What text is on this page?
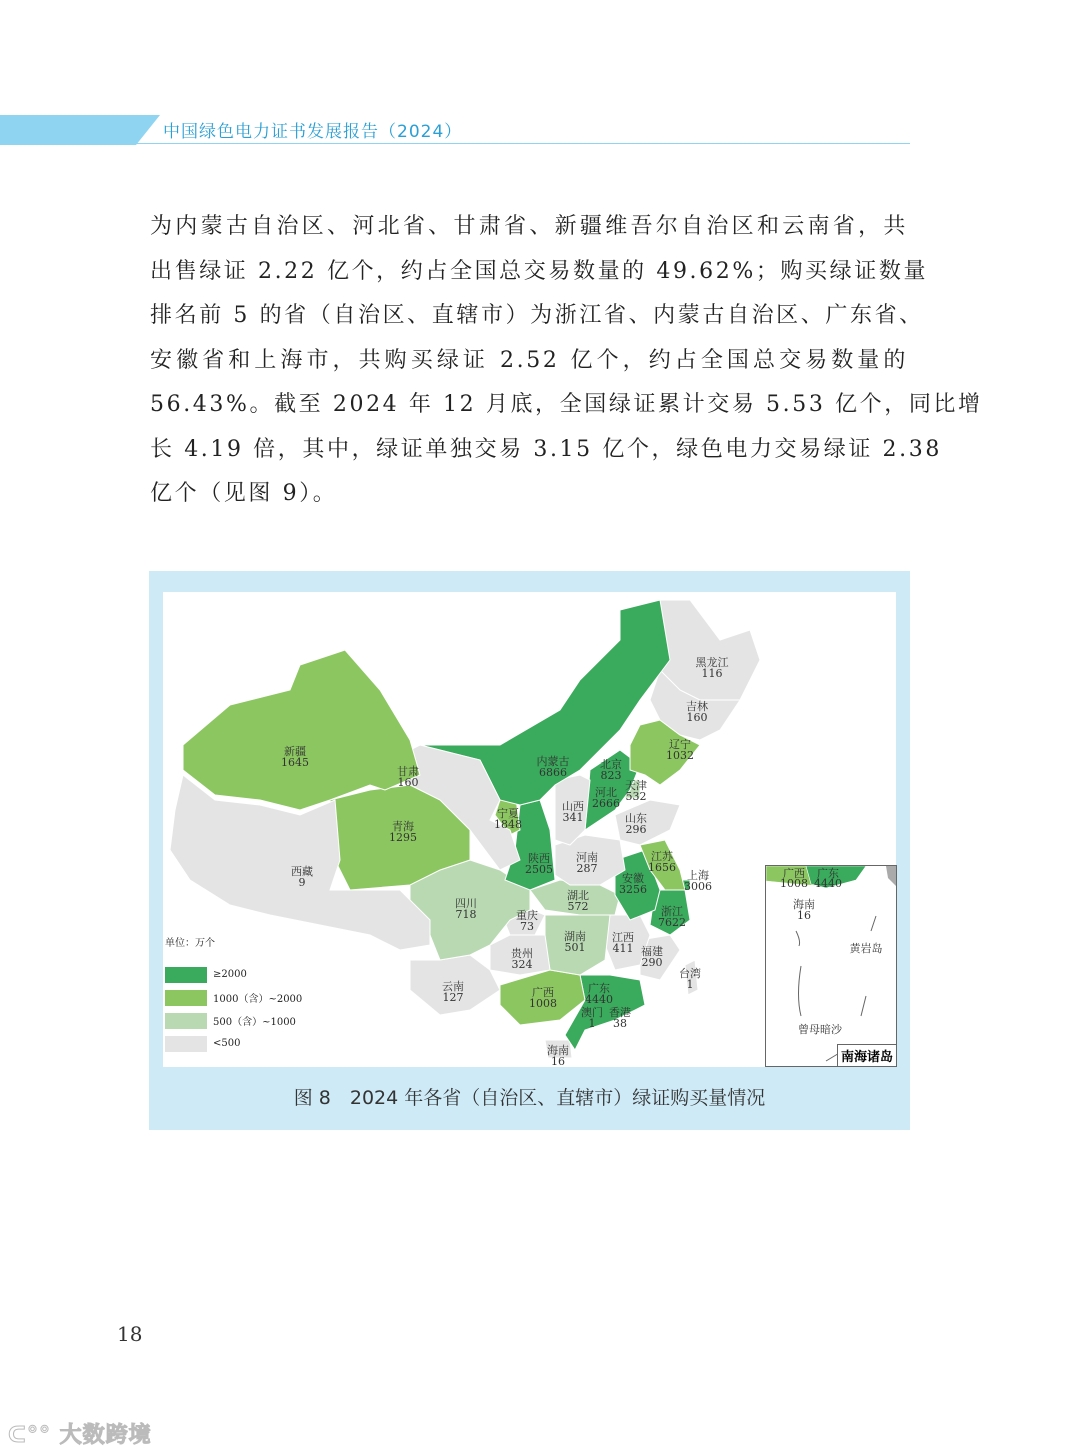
中国绿色电力证书发展报告（2024）
为内蒙古自治区、河北省、甘肃省、新疆维吾尔自治区和云南省，共
出售绿证 2.22 亿个，约占全国总交易数量的 49.62%；购买绿证数量
排名前 5 的省（自治区、直辖市）为浙江省、内蒙古自治区、广东省、
安徽省和上海市，共购买绿证 2.52 亿个，约占全国总交易数量的
56.43%。截至 2024 年 12 月底，全国绿证累计交易 5.53 亿个，同比增
长 4.19 倍，其中，绿证单独交易 3.15 亿个，绿色电力交易绿证 2.38
亿个（见图 9）。
新疆
1645
西藏
9
青海
1295
甘肃
160
内蒙古
6866
黑龙江
116
吉林
160
辽宁
1032
宁夏
1848
陕西
2505
山西
341
河北
2666
北京
823
天津
532
山东
296
河南
287
江苏
1656
安徽
3256
上海
3006
浙江
7622
湖北
572
四川
718	重庆
73
贵州
324
湖南
501
江西
411 福建
290
云南
127	广西
1008
广东
4440
澳门
1
香港
38
海南
16
台湾
1
单位：万个
≥2000
1000（含）~2000
500（含）~1000
<500
广西
1008
广东
4440
海南
16
黄岩岛
曾母暗沙
南海诸岛
图 8　2024 年各省（自治区、直辖市）绿证购买量情况
18
ᑕ°° 大数跨境
